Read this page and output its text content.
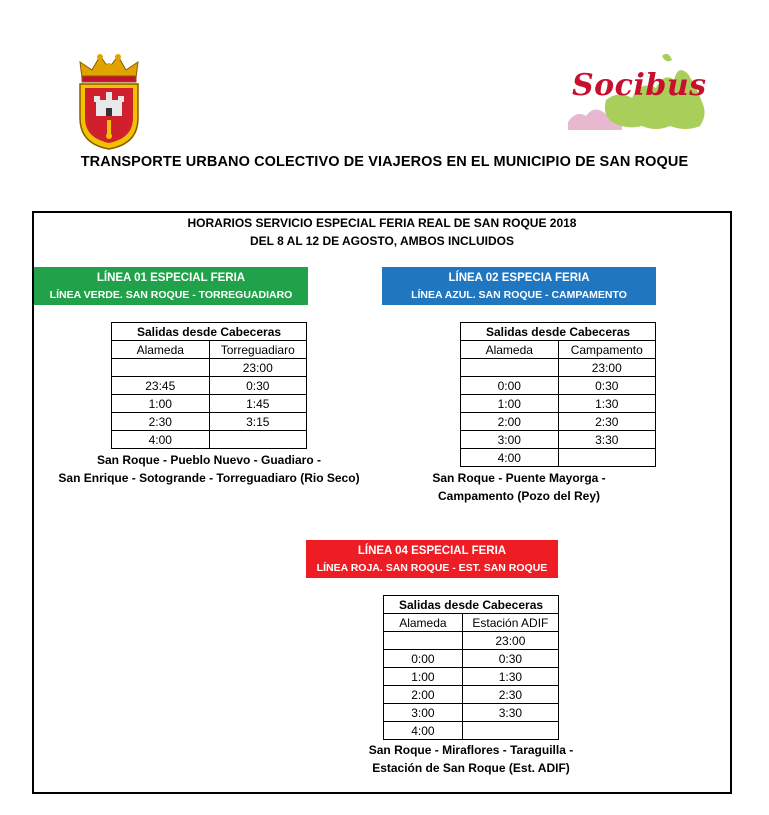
Socibus
TRANSPORTE URBANO COLECTIVO DE VIAJEROS EN EL MUNICIPIO DE SAN ROQUE
HORARIOS SERVICIO ESPECIAL FERIA REAL DE SAN ROQUE 2018
DEL 8 AL 12 DE AGOSTO, AMBOS INCLUIDOS
LÍNEA 01 ESPECIAL FERIA
LÍNEA VERDE. SAN ROQUE - TORREGUADIARO
Salidas desde Cabeceras	
Alameda	Torreguadiaro
	23:00
23:45	0:30
1:00	1:45
2:30	3:15
4:00	
San Roque - Pueblo Nuevo - Guadiaro -
San Enrique - Sotogrande - Torreguadiaro (Rio Seco)
LÍNEA 02 ESPECIA FERIA
LÍNEA AZUL. SAN ROQUE - CAMPAMENTO
Salidas desde Cabeceras	
Alameda	Campamento
	23:00
0:00	0:30
1:00	1:30
2:00	2:30
3:00	3:30
4:00	
San Roque - Puente Mayorga -
Campamento (Pozo del Rey)
LÍNEA 04 ESPECIAL FERIA
LÍNEA ROJA. SAN ROQUE - EST. SAN ROQUE
Salidas desde Cabeceras	
Alameda	Estación ADIF
	23:00
0:00	0:30
1:00	1:30
2:00	2:30
3:00	3:30
4:00	
San Roque - Miraflores - Taraguilla -
Estación de San Roque (Est. ADIF)
